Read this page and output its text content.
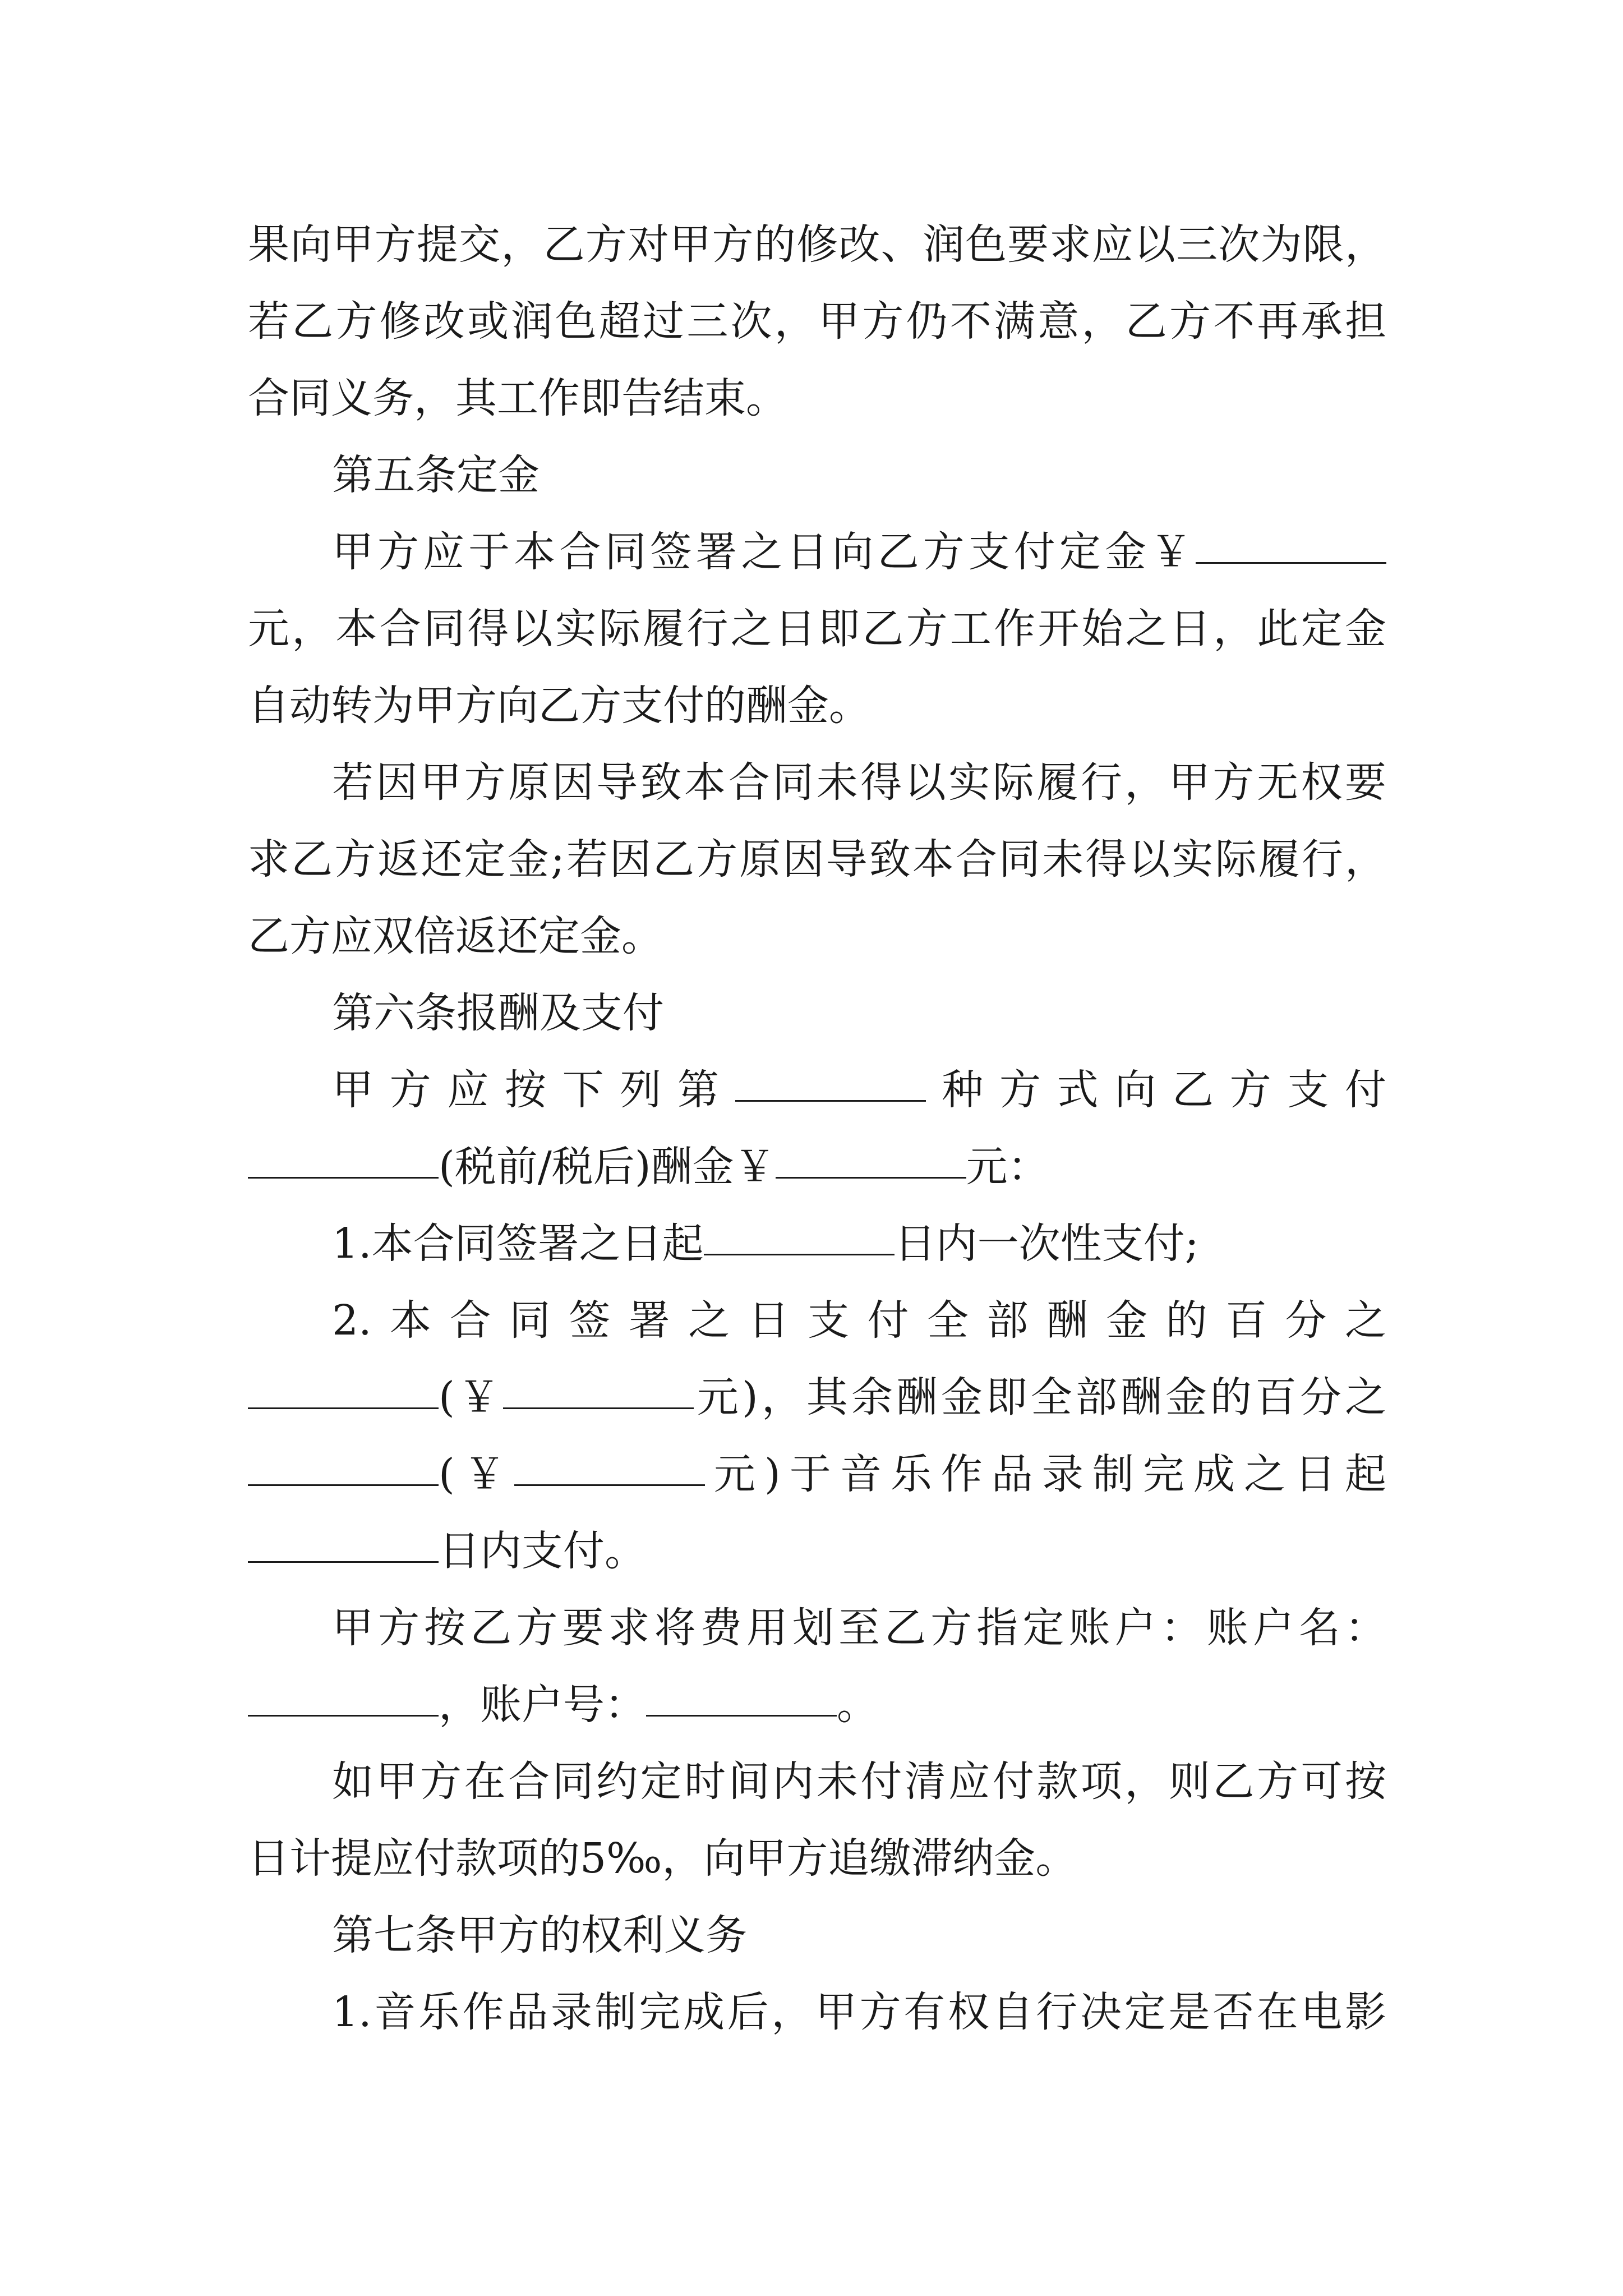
果向甲方提交，乙方对甲方的修改、润色要求应以三次为限，
若乙方修改或润色超过三次，甲方仍不满意，乙方不再承担
合同义务，其工作即告结束。
第五条定金
甲方应于本合同签署之日向乙方支付定金￥
元，本合同得以实际履行之日即乙方工作开始之日，此定金
自动转为甲方向乙方支付的酬金。
若因甲方原因导致本合同未得以实际履行，甲方无权要
求乙方返还定金;若因乙方原因导致本合同未得以实际履行，
乙方应双倍返还定金。
第六条报酬及支付
甲方应按下列第	种方式向乙方支付
(税前/税后)酬金￥	元：
1.本合同签署之日起	日内一次性支付;
2.本合同签署之日支付全部酬金的百分之
(￥	元)，其余酬金即全部酬金的百分之
(￥	元)于音乐作品录制完成之日起
日内支付。
甲方按乙方要求将费用划至乙方指定账户：账户名：
，账户号：	。
如甲方在合同约定时间内未付清应付款项，则乙方可按
日计提应付款项的5‰，向甲方追缴滞纳金。
第七条甲方的权利义务
1.音乐作品录制完成后，甲方有权自行决定是否在电影
